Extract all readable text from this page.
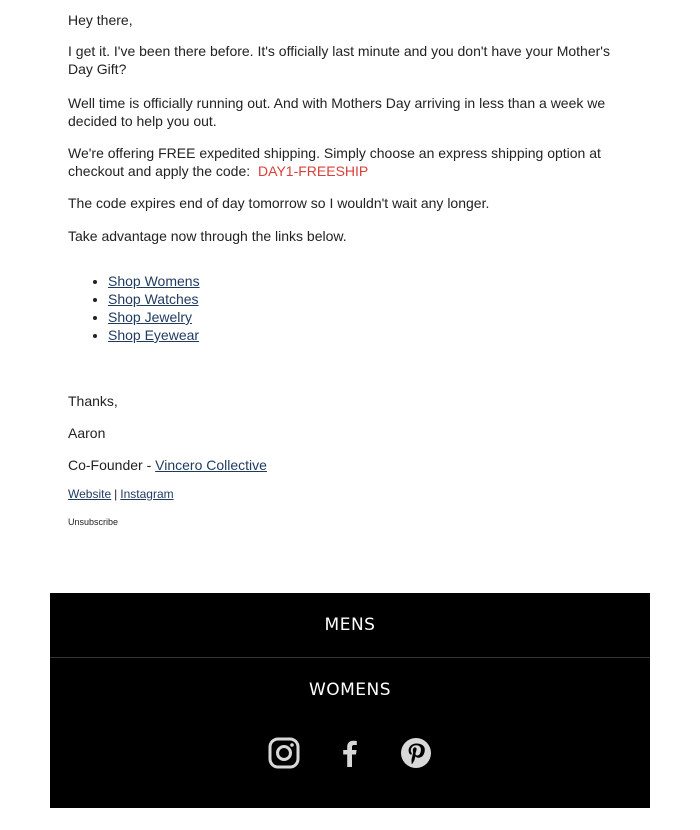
Hey there,

I get it. I've been there before. It's officially last minute and you don't have your Mother's Day Gift?

Well time is officially running out. And with Mothers Day arriving in less than a week we decided to help you out.

We're offering FREE expedited shipping. Simply choose an express shipping option at checkout and apply the code: DAY1-FREESHIP

The code expires end of day tomorrow so I wouldn't wait any longer.

Take advantage now through the links below.

• Shop Womens
• Shop Watches
• Shop Jewelry
• Shop Eyewear

Thanks,

Aaron

Co-Founder - Vincero Collective

Website | Instagram

Unsubscribe

MENS
WOMENS
